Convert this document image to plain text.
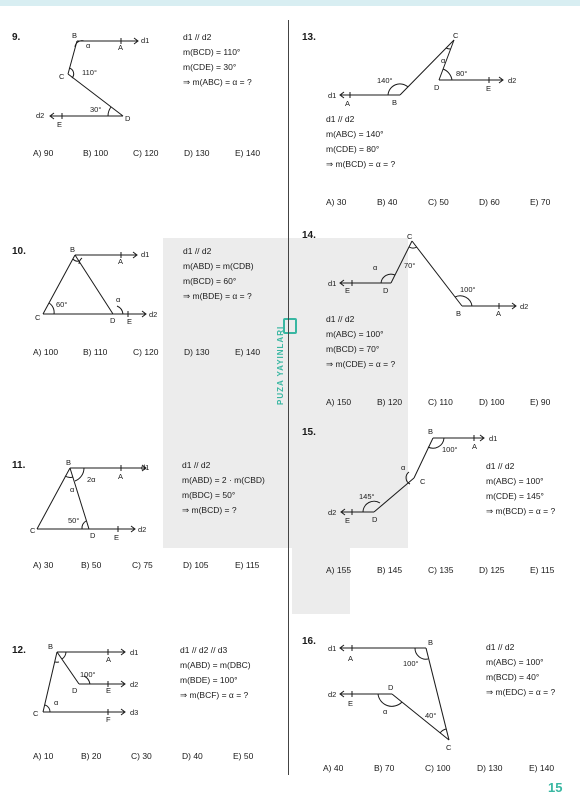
PUZA YAYINLARI
9.	B
A
d1
C
D
E
d2
110°
30°
α
d1 // d2
m(BCD) = 110°
m(CDE) = 30°
⇒ m(ABC) = α = ?
A) 90	B) 100	C) 120	D) 130	E) 140
10.	B
A
d1
C	D E
d2
60°
α
d1 // d2
m(ABD) = m(CDB)
m(BCD) = 60°
⇒ m(BDE) = α = ?
A) 100	B) 110	C) 120	D) 130	E) 140
11.	B
A
d1
C
D E
d2
50°
2α
α
d1 // d2
m(ABD) = 2 · m(CBD)
m(BDC) = 50°
⇒ m(BCD) = ?
A) 30	B) 50	C) 75	D) 105	E) 115
12.	B
A
d1
100°
D	E
d2
C
α
F
d3
d1 // d2 // d3
m(ABD) = m(DBC)
m(BDE) = 100°
⇒ m(BCF) = α = ?
A) 10	B) 20	C) 30	D) 40	E) 50
13.
d1
A	B
140°
C
α
80°
D	E
d2
d1 // d2
m(ABC) = 140°
m(CDE) = 80°
⇒ m(BCD) = α = ?
A) 30	B) 40	C) 50	D) 60	E) 70
14.	C
70°
α
d1
E	D	100°
B	A
d2
d1 // d2
m(ABC) = 100°
m(BCD) = 70°
⇒ m(CDE) = α = ?
A) 150	B) 120	C) 110	D) 100	E) 90
15.	B
100° A
d1
α
C
145°
D
d2
E
d1 // d2
m(ABC) = 100°
m(CDE) = 145°
⇒ m(BCD) = α = ?
A) 155	B) 145	C) 135	D) 125	E) 115
16.	B
100°
d1
A
D
d2
E
α	40°
C
d1 // d2
m(ABC) = 100°
m(BCD) = 40°
⇒ m(EDC) = α = ?
A) 40	B) 70	C) 100	D) 130	E) 140
15
